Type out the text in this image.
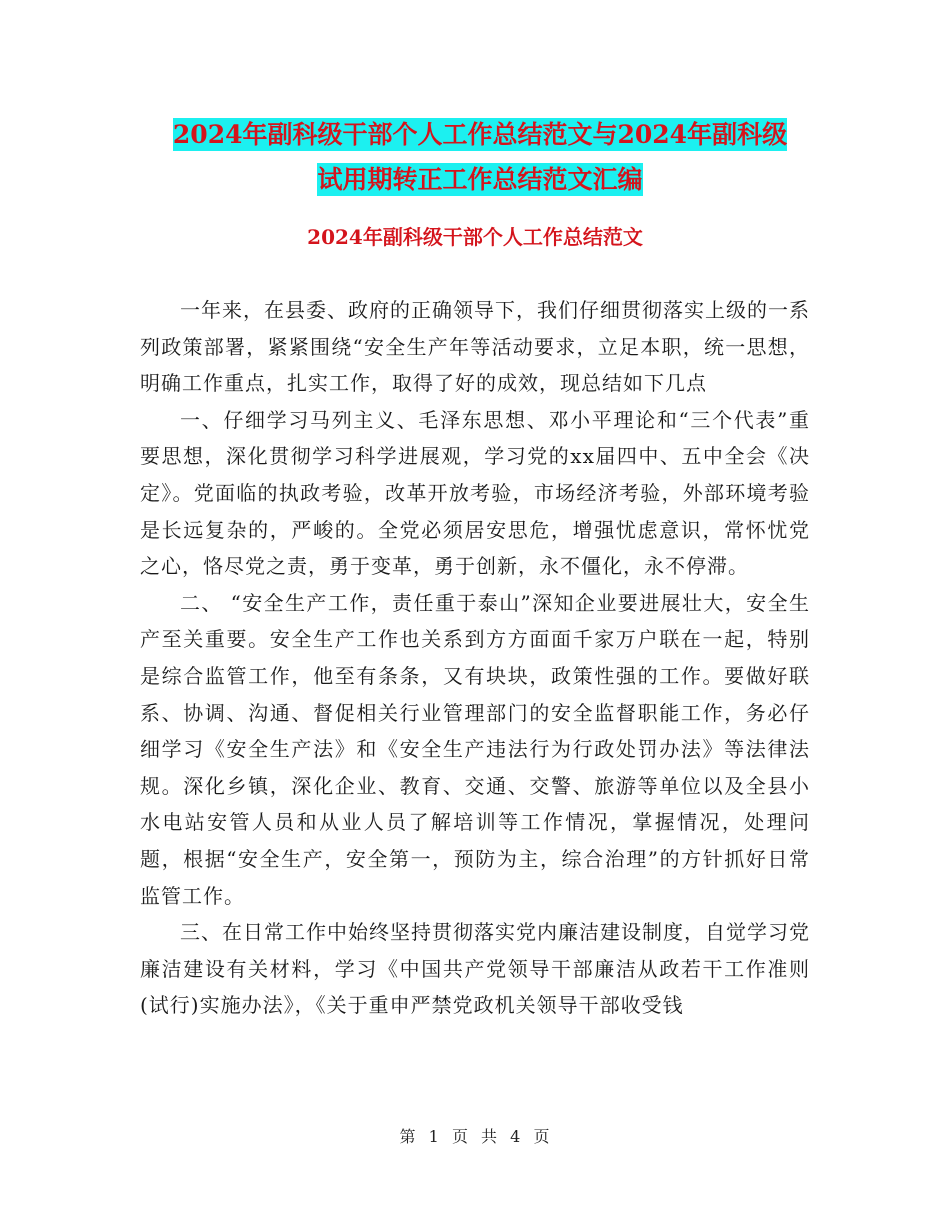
2024年副科级干部个人工作总结范文与2024年副科级
试用期转正工作总结范文汇编
2024年副科级干部个人工作总结范文

一年来，在县委、政府的正确领导下，我们仔细贯彻落实上级的一系列政策部署，紧紧围绕“安全生产年等活动要求，立足本职，统一思想，明确工作重点，扎实工作，取得了好的成效，现总结如下几点

一、仔细学习马列主义、毛泽东思想、邓小平理论和“三个代表”重要思想，深化贯彻学习科学进展观，学习党的xx届四中、五中全会《决定》。党面临的执政考验，改革开放考验，市场经济考验，外部环境考验是长远复杂的，严峻的。全党必须居安思危，增强忧虑意识，常怀忧党之心，恪尽党之责，勇于变革，勇于创新，永不僵化，永不停滞。

二、 “安全生产工作，责任重于泰山”深知企业要进展壮大，安全生产至关重要。安全生产工作也关系到方方面面千家万户联在一起，特别是综合监管工作，他至有条条，又有块块，政策性强的工作。要做好联系、协调、沟通、督促相关行业管理部门的安全监督职能工作，务必仔细学习《安全生产法》和《安全生产违法行为行政处罚办法》等法律法规。深化乡镇，深化企业、教育、交通、交警、旅游等单位以及全县小水电站安管人员和从业人员了解培训等工作情况，掌握情况，处理问题，根据“安全生产，安全第一，预防为主，综合治理”的方针抓好日常监管工作。

三、在日常工作中始终坚持贯彻落实党内廉洁建设制度，自觉学习党廉洁建设有关材料，学习《中国共产党领导干部廉洁从政若干工作准则(试行)实施办法》，《关于重申严禁党政机关领导干部收受钱

第 1 页 共 4 页
